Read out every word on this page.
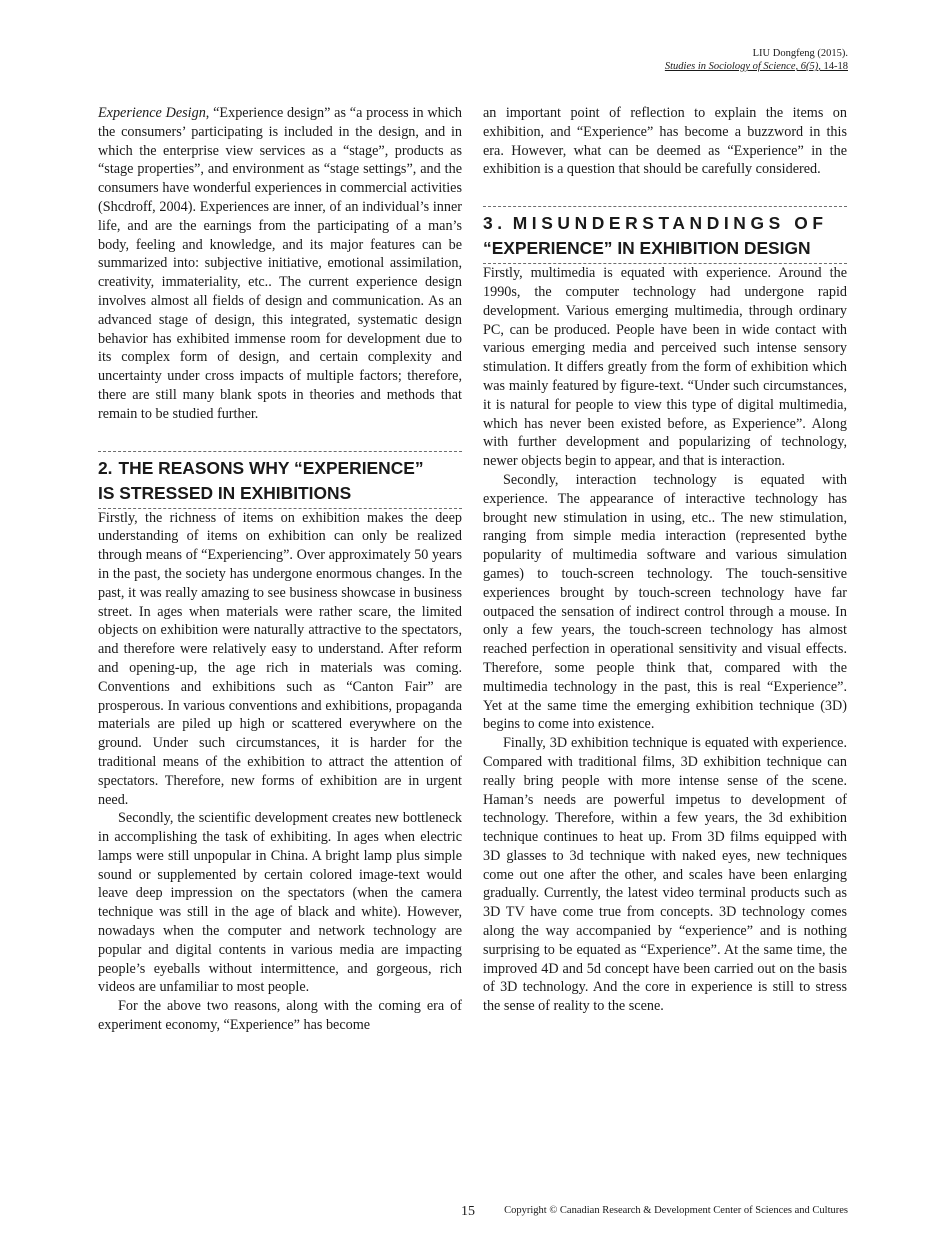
LIU Dongfeng (2015).
Studies in Sociology of Science, 6(5), 14-18

Experience Design, “Experience design” as “a process in which the consumers’ participating is included in the design, and in which the enterprise view services as a “stage”, products as “stage properties”, and environment as “stage settings”, and the consumers have wonderful experiences in commercial activities (Shcdroff, 2004). Experiences are inner, of an individual’s inner life, and are the earnings from the participating of a man’s body, feeling and knowledge, and its major features can be summarized into: subjective initiative, emotional assimilation, creativity, immateriality, etc.. The current experience design involves almost all fields of design and communication. As an advanced stage of design, this integrated, systematic design behavior has exhibited immense room for development due to its complex form of design, and certain complexity and uncertainty under cross impacts of multiple factors; therefore, there are still many blank spots in theories and methods that remain to be studied further.

2. THE REASONS WHY “EXPERIENCE”
IS STRESSED IN EXHIBITIONS

Firstly, the richness of items on exhibition makes the deep understanding of items on exhibition can only be realized through means of “Experiencing”. Over approximately 50 years in the past, the society has undergone enormous changes. In the past, it was really amazing to see business showcase in business street. In ages when materials were rather scare, the limited objects on exhibition were naturally attractive to the spectators, and therefore were relatively easy to understand. After reform and opening-up, the age rich in materials was coming. Conventions and exhibitions such as “Canton Fair” are prosperous. In various conventions and exhibitions, propaganda materials are piled up high or scattered everywhere on the ground. Under such circumstances, it is harder for the traditional means of the exhibition to attract the attention of spectators. Therefore, new forms of exhibition are in urgent need.

Secondly, the scientific development creates new bottleneck in accomplishing the task of exhibiting. In ages when electric lamps were still unpopular in China. A bright lamp plus simple sound or supplemented by certain colored image-text would leave deep impression on the spectators (when the camera technique was still in the age of black and white). However, nowadays when the computer and network technology are popular and digital contents in various media are impacting people’s eyeballs without intermittence, and gorgeous, rich videos are unfamiliar to most people.

For the above two reasons, along with the coming era of experiment economy, “Experience” has become

an important point of reflection to explain the items on exhibition, and “Experience” has become a buzzword in this era. However, what can be deemed as “Experience” in the exhibition is a question that should be carefully considered.

3. MISUNDERSTANDINGS OF
“EXPERIENCE” IN EXHIBITION DESIGN

Firstly, multimedia is equated with experience. Around the 1990s, the computer technology had undergone rapid development. Various emerging multimedia, through ordinary PC, can be produced. People have been in wide contact with various emerging media and perceived such intense sensory stimulation. It differs greatly from the form of exhibition which was mainly featured by figure-text. “Under such circumstances, it is natural for people to view this type of digital multimedia, which has never been existed before, as Experience”. Along with further development and popularizing of technology, newer objects begin to appear, and that is interaction.

Secondly, interaction technology is equated with experience. The appearance of interactive technology has brought new stimulation in using, etc.. The new stimulation, ranging from simple media interaction (represented bythe popularity of multimedia software and various simulation games) to touch-screen technology. The touch-sensitive experiences brought by touch-screen technology have far outpaced the sensation of indirect control through a mouse. In only a few years, the touch-screen technology has almost reached perfection in operational sensitivity and visual effects. Therefore, some people think that, compared with the multimedia technology in the past, this is real “Experience”. Yet at the same time the emerging exhibition technique (3D) begins to come into existence.

Finally, 3D exhibition technique is equated with experience. Compared with traditional films, 3D exhibition technique can really bring people with more intense sense of the scene. Haman’s needs are powerful impetus to development of technology. Therefore, within a few years, the 3d exhibition technique continues to heat up. From 3D films equipped with 3D glasses to 3d technique with naked eyes, new techniques come out one after the other, and scales have been enlarging gradually. Currently, the latest video terminal products such as 3D TV have come true from concepts. 3D technology comes along the way accompanied by “experience” and is nothing surprising to be equated as “Experience”. At the same time, the improved 4D and 5d concept have been carried out on the basis of 3D technology. And the core in experience is still to stress the sense of reality to the scene.

15	Copyright © Canadian Research & Development Center of Sciences and Cultures
